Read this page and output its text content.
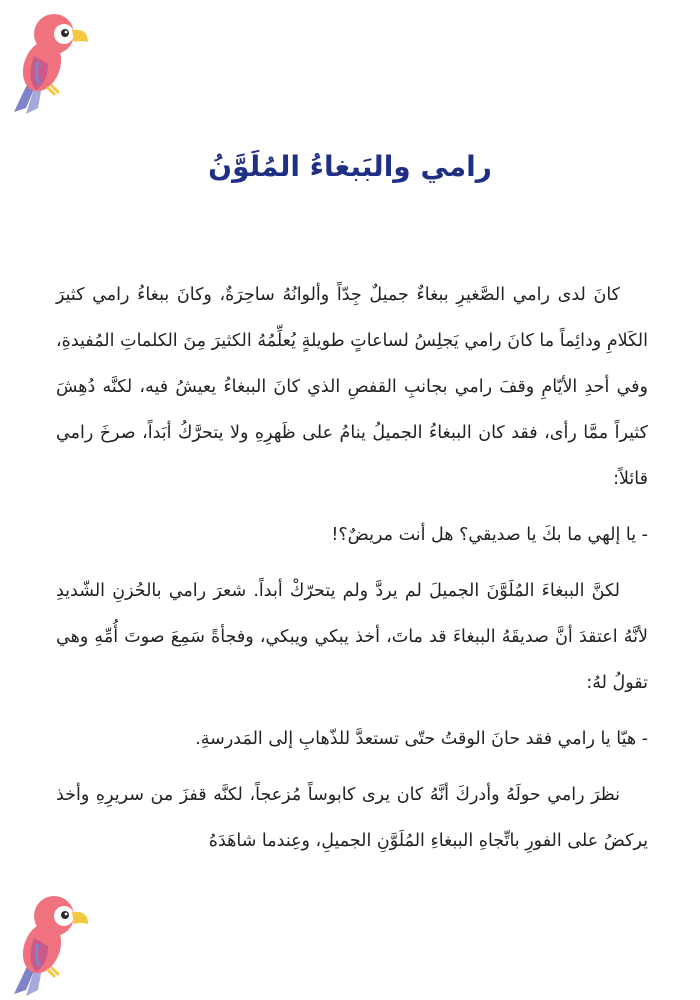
رامي والبَبغاءُ المُلَوَّنُ

كانَ لدى رامي الصَّغيرِ ببغاءٌ جميلٌ جِدّاً وألوانُهُ ساحِرَةٌ، وكانَ ببغاءُ رامي كثيرَ الكَلامِ ودائِماً ما كانَ رامي يَجلِسُ لساعاتٍ طويلةٍ يُعلِّمُهُ الكثيرَ مِنَ الكلماتِ المُفيدةِ، وفي أحدِ الأيّامِ وقفَ رامي بجانبِ القفصِ الذي كانَ الببغاءُ يعيشُ فيه، لكنَّه دُهِشَ كثيراً ممَّا رأى، فقد كان الببغاءُ الجميلُ ينامُ على ظَهرِهِ ولا يتحرَّكُ أبَداً، صرخَ رامي قائلاً:

- يا إلهي ما بكَ يا صديقي؟ هل أنت مريضٌ؟!

لكنَّ الببغاءَ المُلَوَّنَ الجميلَ لم يردَّ ولم يتحرّكْ أبداً. شعرَ رامي بالحُزنِ الشّديدِ لأنَّهُ اعتقدَ أنَّ صديقَهُ الببغاءَ قد ماتَ، أخذ يبكي ويبكي، وفجأةً سَمِعَ صوتَ أُمِّهِ وهي تقولُ لهُ:

- هيّا يا رامي فقد حانَ الوقتُ حتّى تستعدَّ للذّهابِ إلى المَدرسةِ.

نظرَ رامي حولَهُ وأدركَ أنَّهُ كان يرى كابوساً مُزعجاً، لكنَّه قفزَ من سريرِهِ وأخذ يركضُ على الفورِ باتِّجاهِ الببغاءِ المُلَوَّنِ الجميلِ، وعِندما شاهَدَهُ
